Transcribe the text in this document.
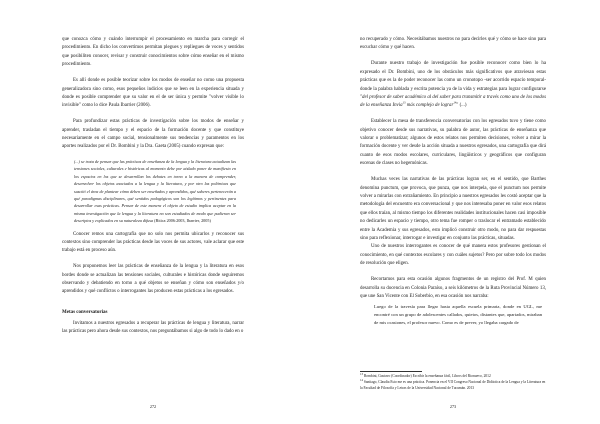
que conozca cómo y cuándo interrumpir el procesamiento en marcha para corregir el procedimiento. En dicho los convertimos permitan plegues y repliegues de voces y sentidos que posibiliten conocer, revisar y construir conocimientos sobre cómo enseñar en el mismo procedimiento.

Es allí donde es posible teorizar sobre los modos de enseñar no como una propuesta generalizadora sino como, esos pequeños indicios que se leen en la experiencia situada y donde es posible comprender que su valor en el de ser única y permite "volver visible lo invisible" como lo dice Paula Ibarrier (2006).

Para profundizar estas prácticas de investigación sobre los modos de enseñar y aprender, trasladan el tiempo y el espacio de la formación docente y que constituye necesariamente en el campo social, tensionalmente sus tendencias y paramentos en los aportes realizados por el Dr. Bombini y la Dra. Gaeta (2005) cuando expresan que:

(...) se trata de pensar que las prácticas de enseñanza de la lengua y la literatura actualizan las tensiones sociales, culturales e históricas al momento debe por aislado poner de manifiesto en los espacios en los que se desarrollan los debates en torno a la manera de comprender, desenvolver los objetos asociados a la lengua y la literatura, y por otro las polémicas que suscitó el área de plantear cómo deben ser enseñados y aprendidos, qué saberes pertenecerán a qué paradigmas disciplinares, qué sentidos pedagógicos son los legítimos y pertinentes para desarrollar esas prácticas. Pensar de este manera el objeto de estudio implica aceptar en la misma investigación que la lengua y la literatura no son estudiados de modo que pudieran ser descriptos y explicados en su naturaleza difusa (Bitica 2006:2003, Ibarrier, 2005)

Conocer remos una cartografía que no solo nos permita ubicarlos y reconocer sus contextos sino comprender las prácticas desde las voces de sus actores, vale aclarar que este trabajo está en proceso aún.

Nos proponemos leer las prácticas de enseñanza de la lengua y la literatura en esos bordes donde se actualizan las tensiones sociales, culturales e históricas donde seguiremos observando y debatiendo en torno a qué objetos se enseñan y cómo son enseñados y/o aprendidos y qué conflictos o interrogantes las producen estas prácticas a los egresados.

Metas conversatorias

Invitamos a nuestros egresados a recuperar las prácticas de lengua y literatura, narrar las prácticas pero ahora desde sus contextos, nos preguntábamos si algo de todo lo dado en o

272

no recuperado y cómo. Necesitábamos nuestros no para decirles qué y cómo se hace sino para escuchar cómo y qué hacen.

Durante nuestro trabajo de investigación fue posible reconocer como bien lo ha expresado el Dr. Bombini, uno de los obstáculos más significativos que atraviesan estas prácticas que es la de poder reconocer las como un cronotopo -ser acorrido espacio temporal- donde la palabra hablada y escrita potencia ya de la vida y estrategias para lograr configurarse "del profesor de saber académico al del saber para transmitir a través como uno de los modos de la enseñanza Invia$^{13}$ más complejo de lograr$^{14}$" (...)

Establecer la mesa de transferencia conversatorias con los egresados tuvo y tiene como objetivo conocer desde sus narrativas, su palabra de autor, las prácticas de enseñanza que valorar o problematizar; algunos de estos relatos nos permiten decisiones, volver a mirar la formación docente y ver desde la acción situada a nuestros egresados, una cartografía que dirá cuanto de esos modos escolares, curriculares, lingüísticos y geográficos que configuran escenas de clases no hegemónicas.

Muchas veces las narrativas de las prácticas logran ser, en el sentido, que Barthes denomina punctum, que provoca, que punza, que nos interpela, que el punctum nos permite volver a mirarlas con extrañamiento. En principio a nuestros egresados les costó aceptar que la metodología del encuentro era conversacional y que nos interesaba poner en valor esos relatos que ellos traían, al mismo tiempo los diferentes realidades institucionales hacen casi imposible no dedicarles un espacio y tiempo, otro tema fue romper o traslocar el entramado establecido entre la Academia y sus egresados, esto implicó construir otro modo, no para dar respuestas sino para reflexionar, interrogar e investigar en conjunto las prácticas, situadas.

Uno de nuestros interrogantes es conocer de qué manera estos profesores gestionan el conocimiento, en qué contextos escolares y con cuáles sujetos? Pero por sobre todo los modos de resolución que eligen.

Recortamos para esta ocasión algunos fragmentos de un registro del Prof. M quien desarrolla su docencia en Colonia Paraíso, a seis kilómetros de la Ruta Provincial Número 13, que une San Vicente con El Soberbio, en esa ocasión nos narraba:

Luego de la travesía para llegar hasta aquella escuela primaria, donde en UGL, me encontré con un grupo de adolescentes callados, quietos, distantes que, apartados, miraban de mis ocasiones, el profesor nuevo. Como es de prever, yo llegaba cargado de
$^{13}$ Bombini, Gustavo (Coordinador) Escribir la enseñanza fácil, Libros del Rionuevo, 2012
$^{14}$ Santiago, Claudia Esto me es una práctica. Ponencia en el VII Congreso Nacional de Didáctica de la Lengua y la Literatura en la Facultad de Filosofía y Letras de la Universidad Nacional de Tucumán. 2013
273
